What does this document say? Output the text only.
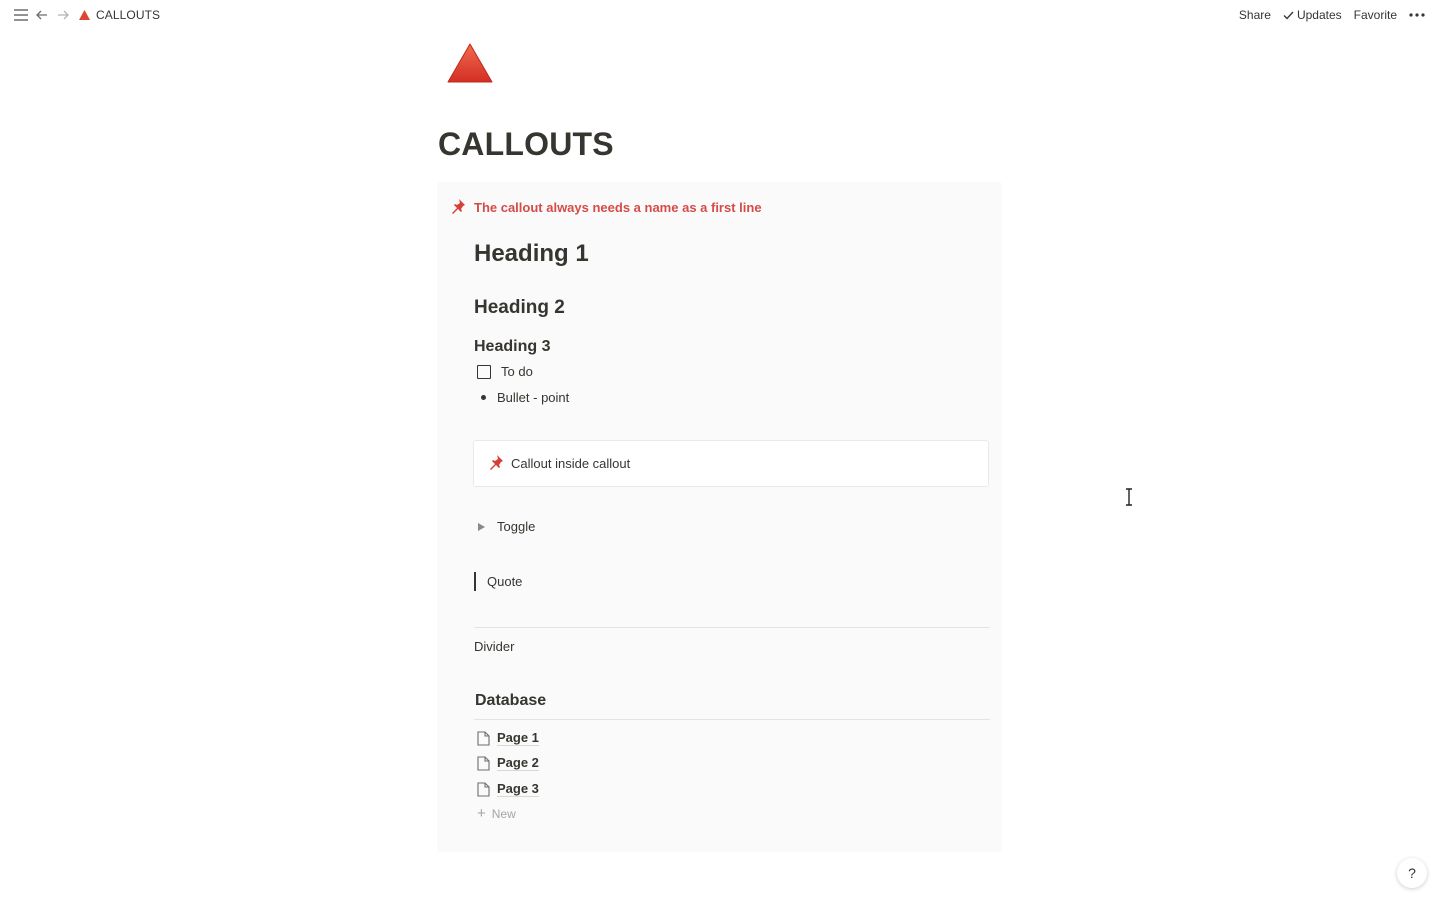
CALLOUTS	Share Updates Favorite
CALLOUTS
The callout always needs a name as a first line
Heading 1
Heading 2
Heading 3
To do
Bullet - point
Callout inside callout
Toggle
Quote
Divider
Database
Page 1
Page 2
Page 3
+ New
?
